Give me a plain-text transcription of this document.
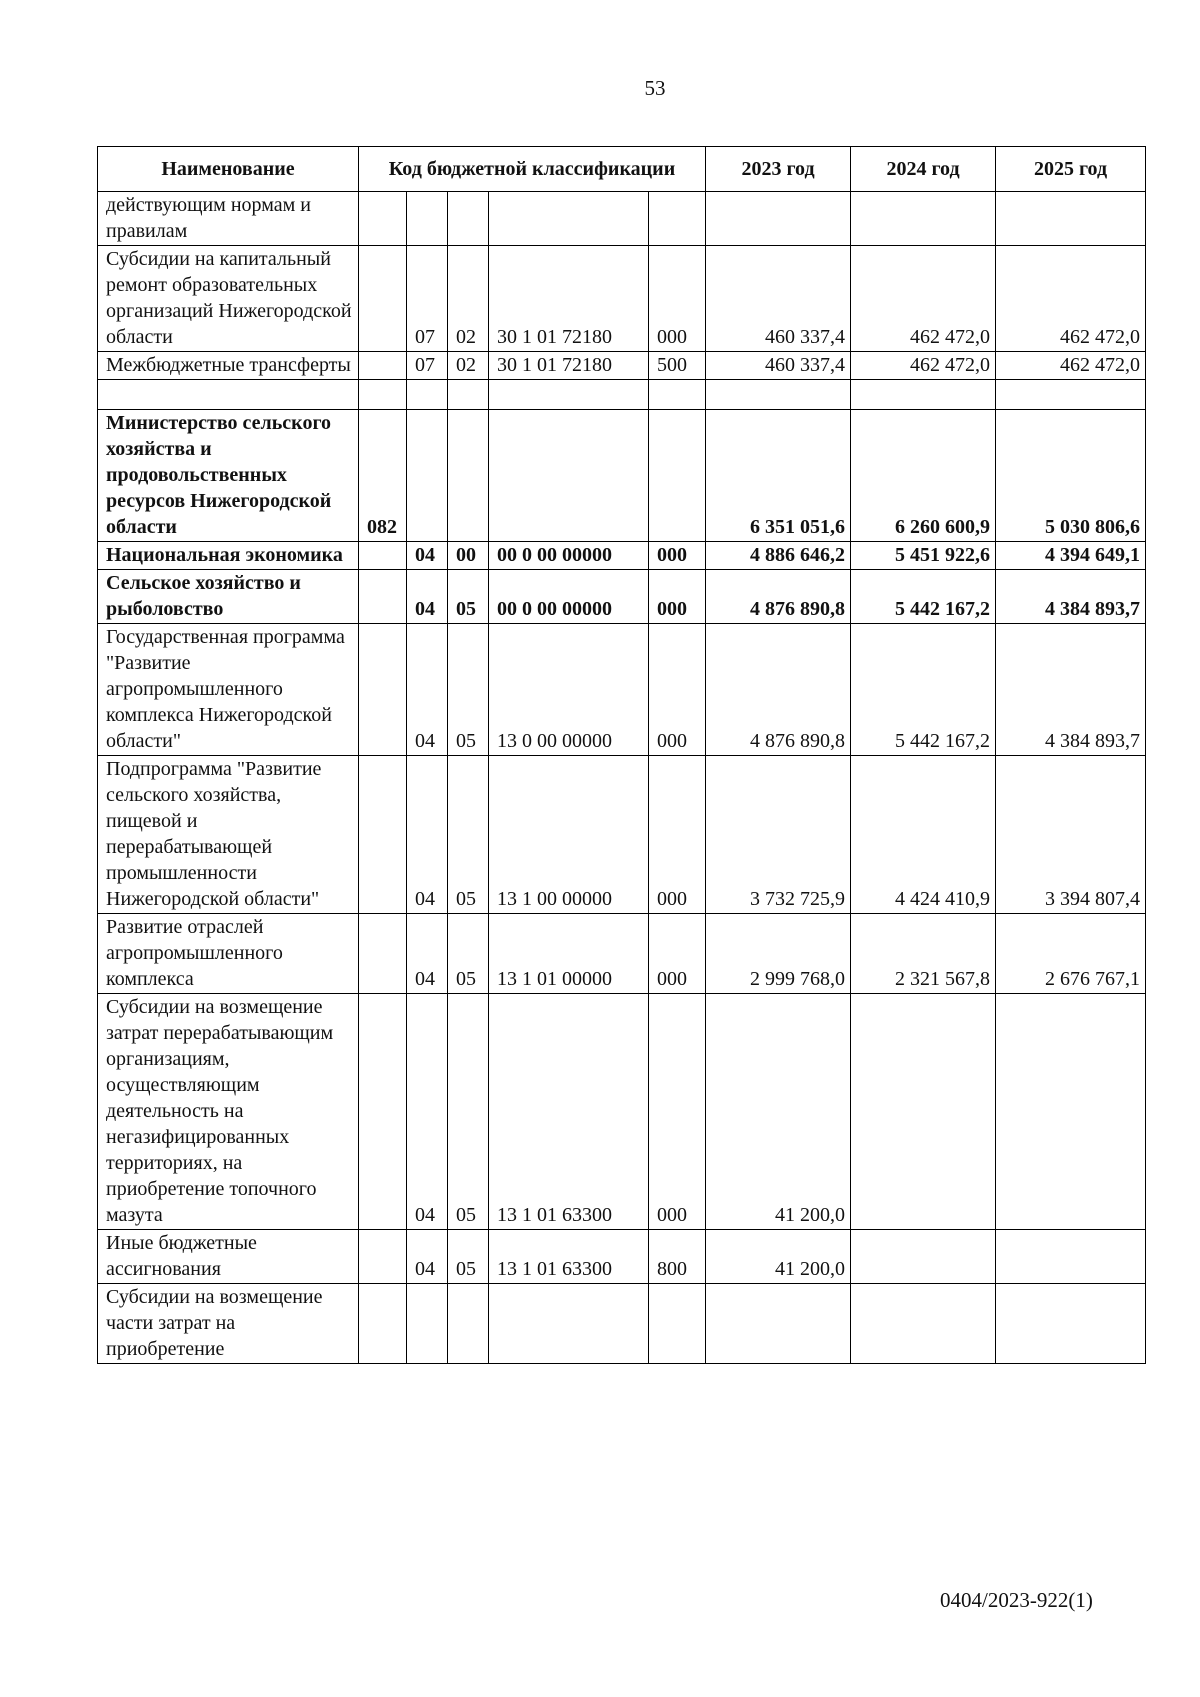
53
Наименование	Код бюджетной классификации					2023 год	2024 год	2025 год
действующим нормам и правилам								
Субсидии на капитальный ремонт образовательных организаций Нижегородской области		07	02	30 1 01 72180	000	460 337,4	462 472,0	462 472,0
Межбюджетные трансферты		07	02	30 1 01 72180	500	460 337,4	462 472,0	462 472,0

Министерство сельского хозяйства и продовольственных ресурсов Нижегородской области	082					6 351 051,6	6 260 600,9	5 030 806,6
Национальная экономика		04	00	00 0 00 00000	000	4 886 646,2	5 451 922,6	4 394 649,1
Сельское хозяйство и рыболовство		04	05	00 0 00 00000	000	4 876 890,8	5 442 167,2	4 384 893,7
Государственная программа "Развитие агропромышленного комплекса Нижегородской области"		04	05	13 0 00 00000	000	4 876 890,8	5 442 167,2	4 384 893,7
Подпрограмма "Развитие сельского хозяйства, пищевой и перерабатывающей промышленности Нижегородской области"		04	05	13 1 00 00000	000	3 732 725,9	4 424 410,9	3 394 807,4
Развитие отраслей агропромышленного комплекса		04	05	13 1 01 00000	000	2 999 768,0	2 321 567,8	2 676 767,1
Субсидии на возмещение затрат перерабатывающим организациям, осуществляющим деятельность на негазифицированных территориях, на приобретение топочного мазута		04	05	13 1 01 63300	000	41 200,0		
Иные бюджетные ассигнования		04	05	13 1 01 63300	800	41 200,0		
Субсидии на возмещение части затрат на приобретение								
0404/2023-922(1)
